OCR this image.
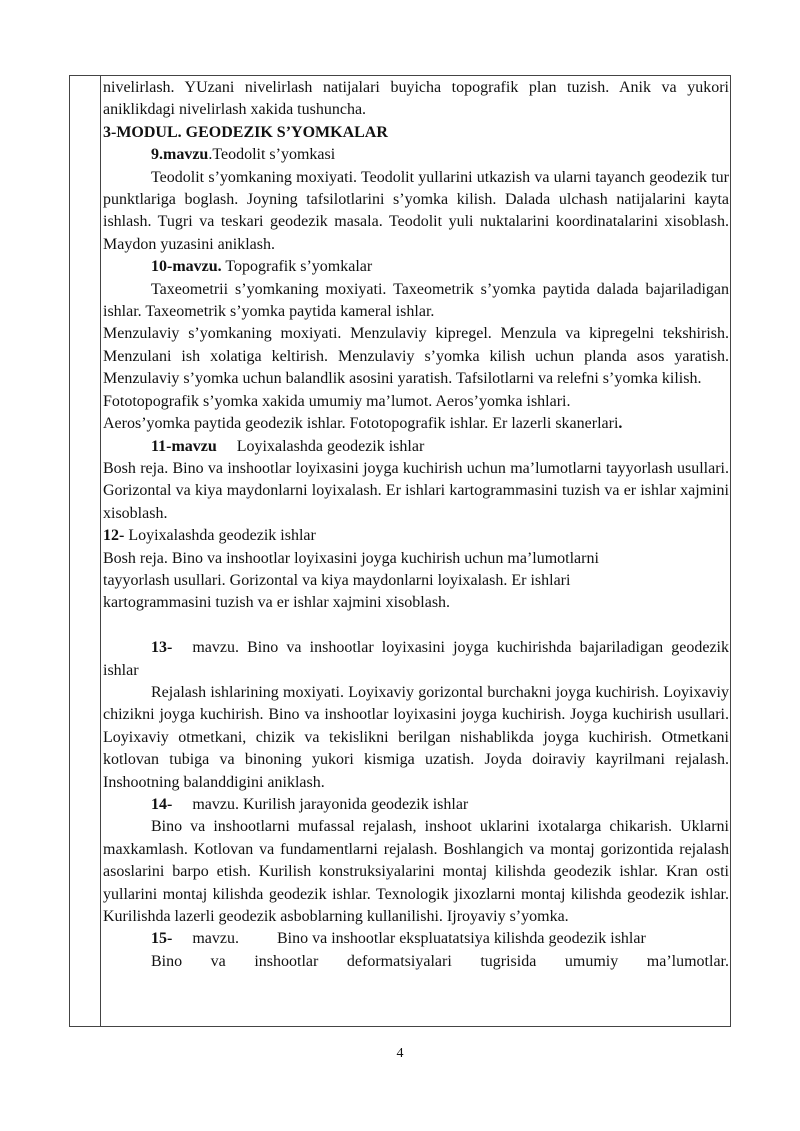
nivelirlash. YUzani nivelirlash natijalari buyicha topografik plan tuzish. Anik va yukori aniklikdagi nivelirlash xakida tushuncha.

3-MODUL. GEODEZIK S’YOMKALAR

9.mavzu.Teodolit s’yomkasi

Teodolit s’yomkaning moxiyati. Teodolit yullarini utkazish va ularni tayanch geodezik tur punktlariga boglash. Joyning tafsilotlarini s’yomka kilish. Dalada ulchash natijalarini kayta ishlash. Tugri va teskari geodezik masala. Teodolit yuli nuktalarini koordinatalarini xisoblash. Maydon yuzasini aniklash.

10-mavzu. Topografik s’yomkalar

Taxeometrii s’yomkaning moxiyati. Taxeometrik s’yomka paytida dalada bajariladigan ishlar. Taxeometrik s’yomka paytida kameral ishlar.

Menzulaviy s’yomkaning moxiyati. Menzulaviy kipregel. Menzula va kipregelni tekshirish. Menzulani ish xolatiga keltirish. Menzulaviy s’yomka kilish uchun planda asos yaratish. Menzulaviy s’yomka uchun balandlik asosini yaratish. Tafsilotlarni va relefni s’yomka kilish.

Fototopografik s’yomka xakida umumiy ma’lumot. Aeros’yomka ishlari.

Aeros’yomka paytida geodezik ishlar. Fototopografik ishlar. Er lazerli skanerlari.

11-mavzu Loyixalashda geodezik ishlar

Bosh reja. Bino va inshootlar loyixasini joyga kuchirish uchun ma’lumotlarni tayyorlash usullari. Gorizontal va kiya maydonlarni loyixalash. Er ishlari kartogrammasini tuzish va er ishlar xajmini xisoblash.

12- Loyixalashda geodezik ishlar

Bosh reja. Bino va inshootlar loyixasini joyga kuchirish uchun ma’lumotlarni

tayyorlash usullari. Gorizontal va kiya maydonlarni loyixalash. Er ishlari

kartogrammasini tuzish va er ishlar xajmini xisoblash.

13- mavzu. Bino va inshootlar loyixasini joyga kuchirishda bajariladigan geodezik ishlar

Rejalash ishlarining moxiyati. Loyixaviy gorizontal burchakni joyga kuchirish. Loyixaviy chizikni joyga kuchirish. Bino va inshootlar loyixasini joyga kuchirish. Joyga kuchirish usullari. Loyixaviy otmetkani, chizik va tekislikni berilgan nishablikda joyga kuchirish. Otmetkani kotlovan tubiga va binoning yukori kismiga uzatish. Joyda doiraviy kayrilmani rejalash. Inshootning balanddigini aniklash.

14- mavzu. Kurilish jarayonida geodezik ishlar

Bino va inshootlarni mufassal rejalash, inshoot uklarini ixotalarga chikarish. Uklarni maxkamlash. Kotlovan va fundamentlarni rejalash. Boshlangich va montaj gorizontida rejalash asoslarini barpo etish. Kurilish konstruksiyalarini montaj kilishda geodezik ishlar. Kran osti yullarini montaj kilishda geodezik ishlar. Texnologik jixozlarni montaj kilishda geodezik ishlar. Kurilishda lazerli geodezik asboblarning kullanilishi. Ijroyaviy s’yomka.

15- mavzu. Bino va inshootlar ekspluatatsiya kilishda geodezik ishlar

Bino va inshootlar deformatsiyalari tugrisida umumiy ma’lumotlar.

4
